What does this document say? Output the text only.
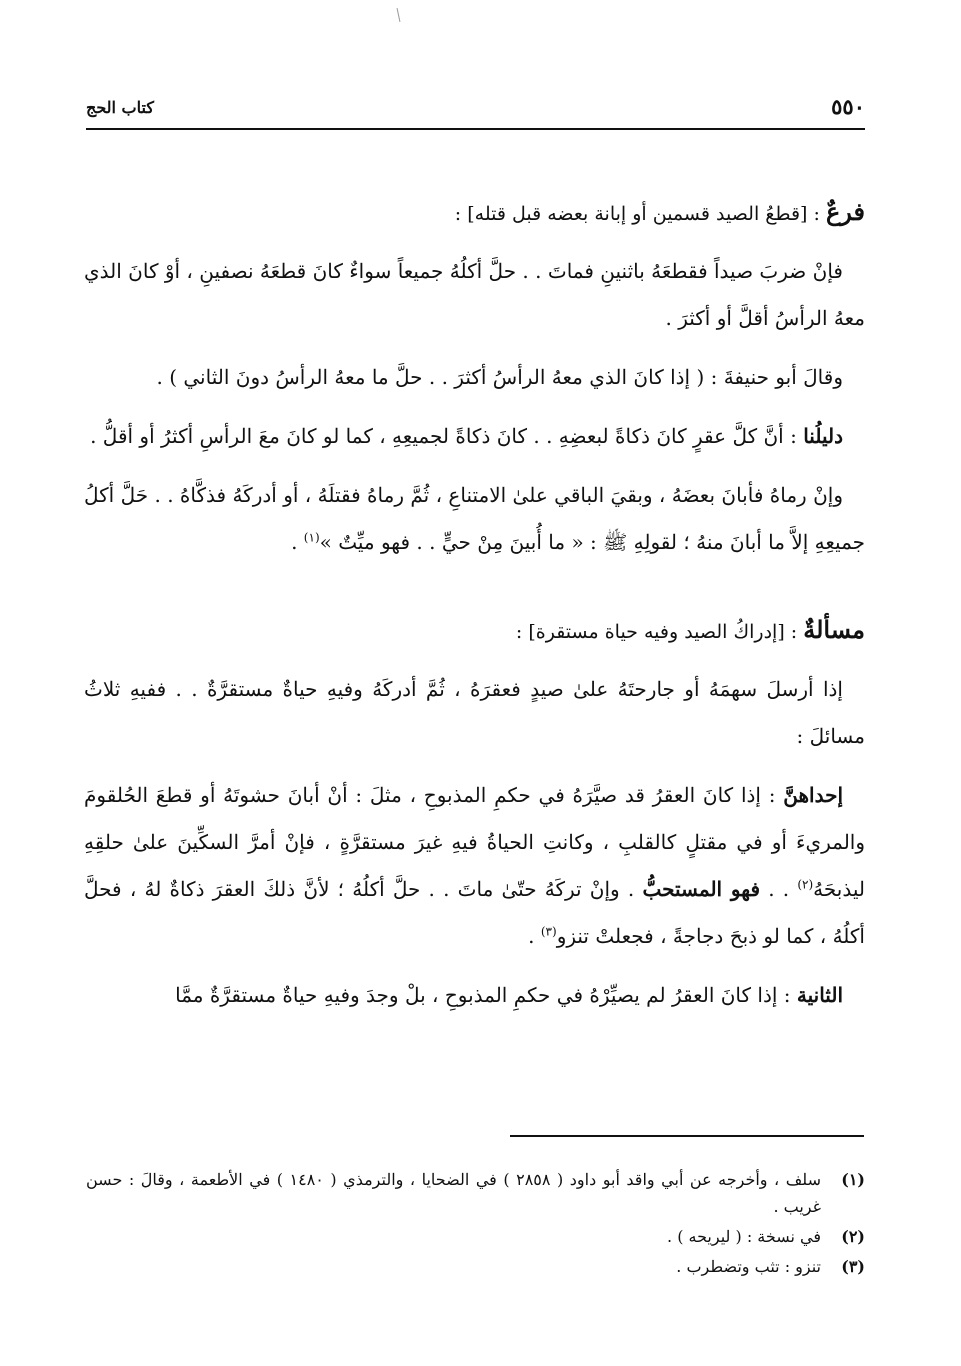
٥٥٠
كتاب الحج

فرعٌ : [قطعُ الصيد قسمين أو إبانة بعضه قبل قتله] :

فإنْ ضربَ صيداً فقطعَهُ باثنينِ فماتَ . . حلَّ أكلُهُ جميعاً سواءٌ كانَ قطعَهُ نصفينِ ، أوْ كانَ الذي معهُ الرأسُ أقلَّ أو أكثرَ .

وقالَ أبو حنيفةَ : ( إذا كانَ الذي معهُ الرأسُ أكثرَ . . حلَّ ما معهُ الرأسُ دونَ الثاني ) .

دليلُنا : أنَّ كلَّ عقرٍ كانَ ذكاةً لبعضِهِ . . كانَ ذكاةً لجميعِهِ ، كما لو كانَ معَ الرأسِ أكثرُ أو أقلُّ .

وإنْ رماهُ فأبانَ بعضَهُ ، وبقيَ الباقي علىٰ الامتناعِ ، ثُمَّ رماهُ فقتلَهُ ، أو أدركَهُ فذكَّاهُ . . حَلَّ أكلُ جميعِهِ إلاَّ ما أبانَ منهُ ؛ لقولِهِ ﷺ : « ما أُبينَ مِنْ حيٍّ . . فهو ميِّتٌ »$^{(١)}$ .

مسألةٌ : [إدراكُ الصيد وفيه حياة مستقرة] :

إذا أرسلَ سهمَهُ أو جارحتَهُ علىٰ صيدٍ فعقرَهُ ، ثُمَّ أدركَهُ وفيهِ حياةٌ مستقرَّةٌ . . ففيهِ ثلاثُ مسائلَ :

إحداهنَّ : إذا كانَ العقرُ قد صيَّرَهُ في حكمِ المذبوحِ ، مثلَ : أنْ أبانَ حشوتَهُ أو قطعَ الحُلقومَ والمريءَ أو في مقتلٍ كالقلبِ ، وكانتِ الحياةُ فيهِ غيرَ مستقرَّةٍ ، فإنْ أمرَّ السكِّينَ علىٰ حلقِهِ ليذبحَهُ$^{(٢)}$ . . فهو المستحبُّ . وإنْ تركَهُ حتّىٰ ماتَ . . حلَّ أكلُهُ ؛ لأنَّ ذلكَ العقرَ ذكاةٌ لهُ ، فحلَّ أكلُهُ ، كما لو ذبحَ دجاجةً ، فجعلتْ تنزو$^{(٣)}$ .

الثانية : إذا كانَ العقرُ لم يصيِّرْهُ في حكمِ المذبوحِ ، بلْ وجدَ وفيهِ حياةٌ مستقرَّةٌ ممَّا

(١)
سلف ، وأخرجه عن أبي واقد أبو داود ( ٢٨٥٨ ) في الضحايا ، والترمذي ( ١٤٨٠ ) في الأطعمة ، وقالَ : حسن غريب .
(٢)
في نسخة : ( ليريحه ) .
(٣)
تنزو : تثب وتضطرب .
